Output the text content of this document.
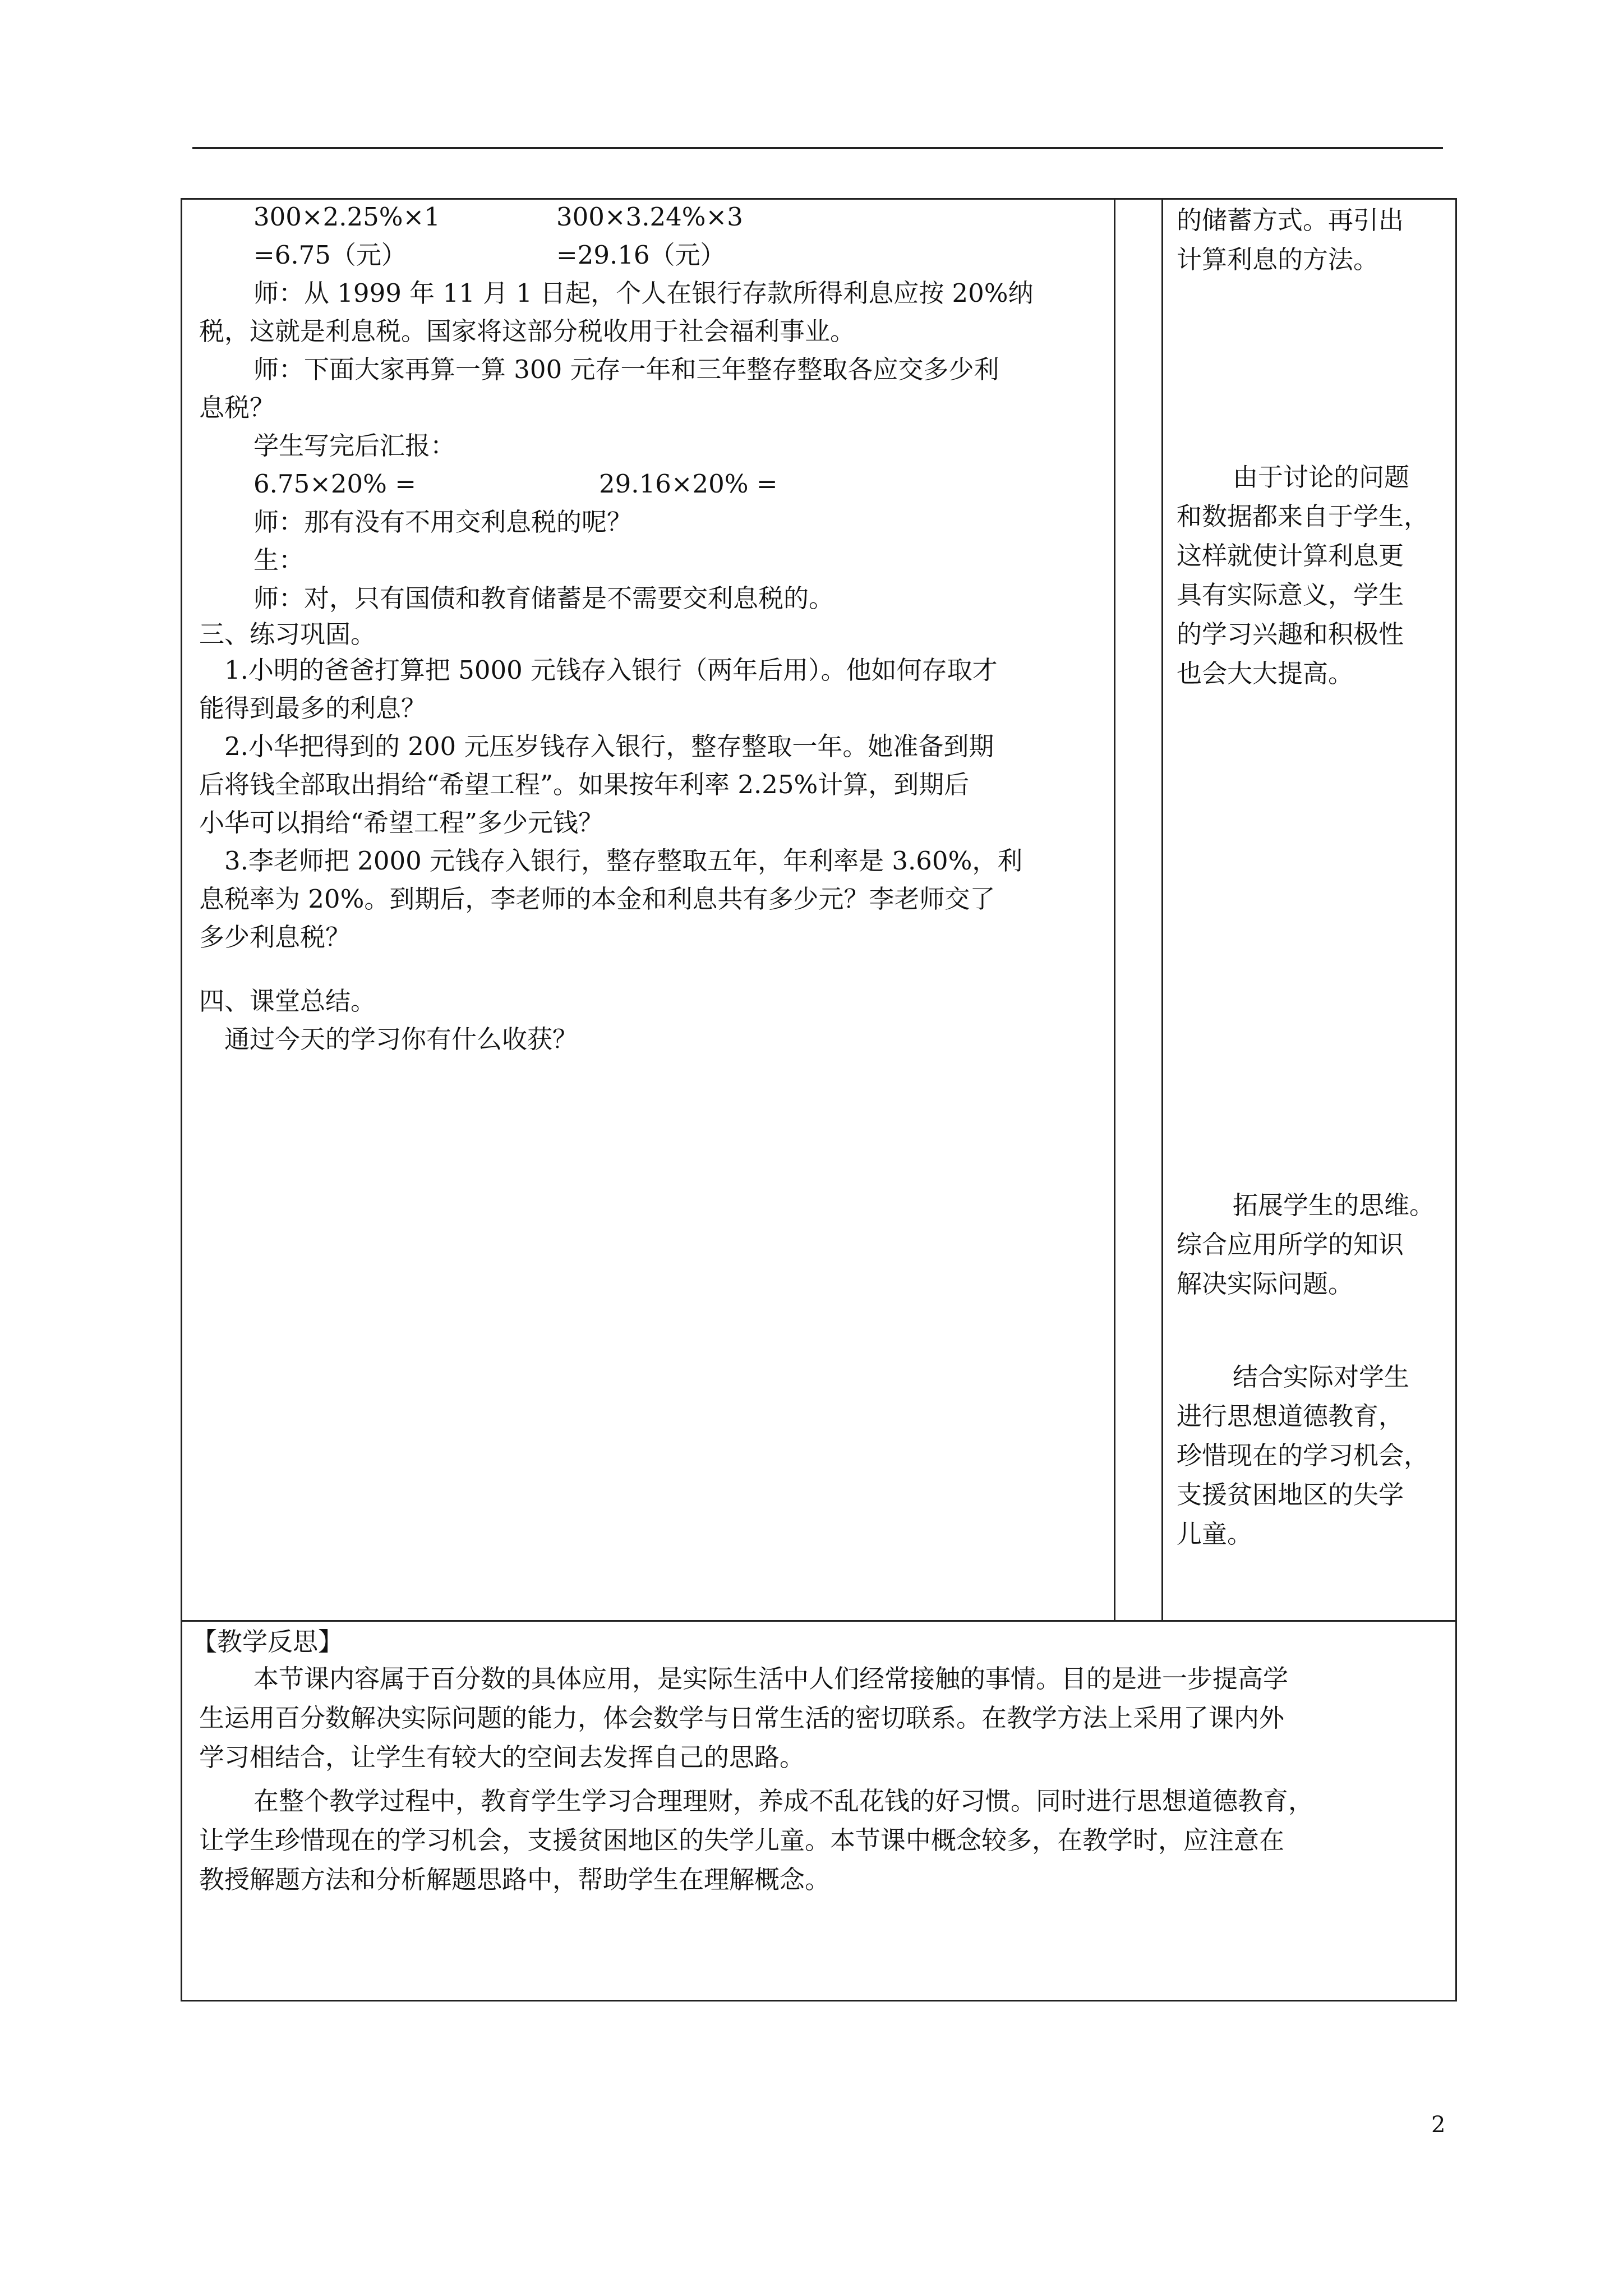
300×2.25%×1	300×3.24%×3
=6.75（元）	=29.16（元）
师：从 1999 年 11 月 1 日起，个人在银行存款所得利息应按 20%纳
税，这就是利息税。国家将这部分税收用于社会福利事业。
师：下面大家再算一算 300 元存一年和三年整存整取各应交多少利
息税？
学生写完后汇报：
6.75×20% =	29.16×20% =
师：那有没有不用交利息税的呢？
生：
师：对，只有国债和教育储蓄是不需要交利息税的。
三、练习巩固。
1.小明的爸爸打算把 5000 元钱存入银行（两年后用）。他如何存取才
能得到最多的利息？
2.小华把得到的 200 元压岁钱存入银行，整存整取一年。她准备到期
后将钱全部取出捐给“希望工程”。如果按年利率 2.25%计算，到期后
小华可以捐给“希望工程”多少元钱？
3.李老师把 2000 元钱存入银行，整存整取五年，年利率是 3.60%，利
息税率为 20%。到期后，李老师的本金和利息共有多少元？李老师交了
多少利息税？
四、课堂总结。
通过今天的学习你有什么收获？
的储蓄方式。再引出
计算利息的方法。
由于讨论的问题
和数据都来自于学生，
这样就使计算利息更
具有实际意义，学生
的学习兴趣和积极性
也会大大提高。
拓展学生的思维。
综合应用所学的知识
解决实际问题。
结合实际对学生
进行思想道德教育，
珍惜现在的学习机会，
支援贫困地区的失学
儿童。
【教学反思】
本节课内容属于百分数的具体应用，是实际生活中人们经常接触的事情。目的是进一步提高学
生运用百分数解决实际问题的能力，体会数学与日常生活的密切联系。在教学方法上采用了课内外
学习相结合，让学生有较大的空间去发挥自己的思路。
在整个教学过程中，教育学生学习合理理财，养成不乱花钱的好习惯。同时进行思想道德教育，
让学生珍惜现在的学习机会，支援贫困地区的失学儿童。本节课中概念较多，在教学时，应注意在
教授解题方法和分析解题思路中，帮助学生在理解概念。
2
